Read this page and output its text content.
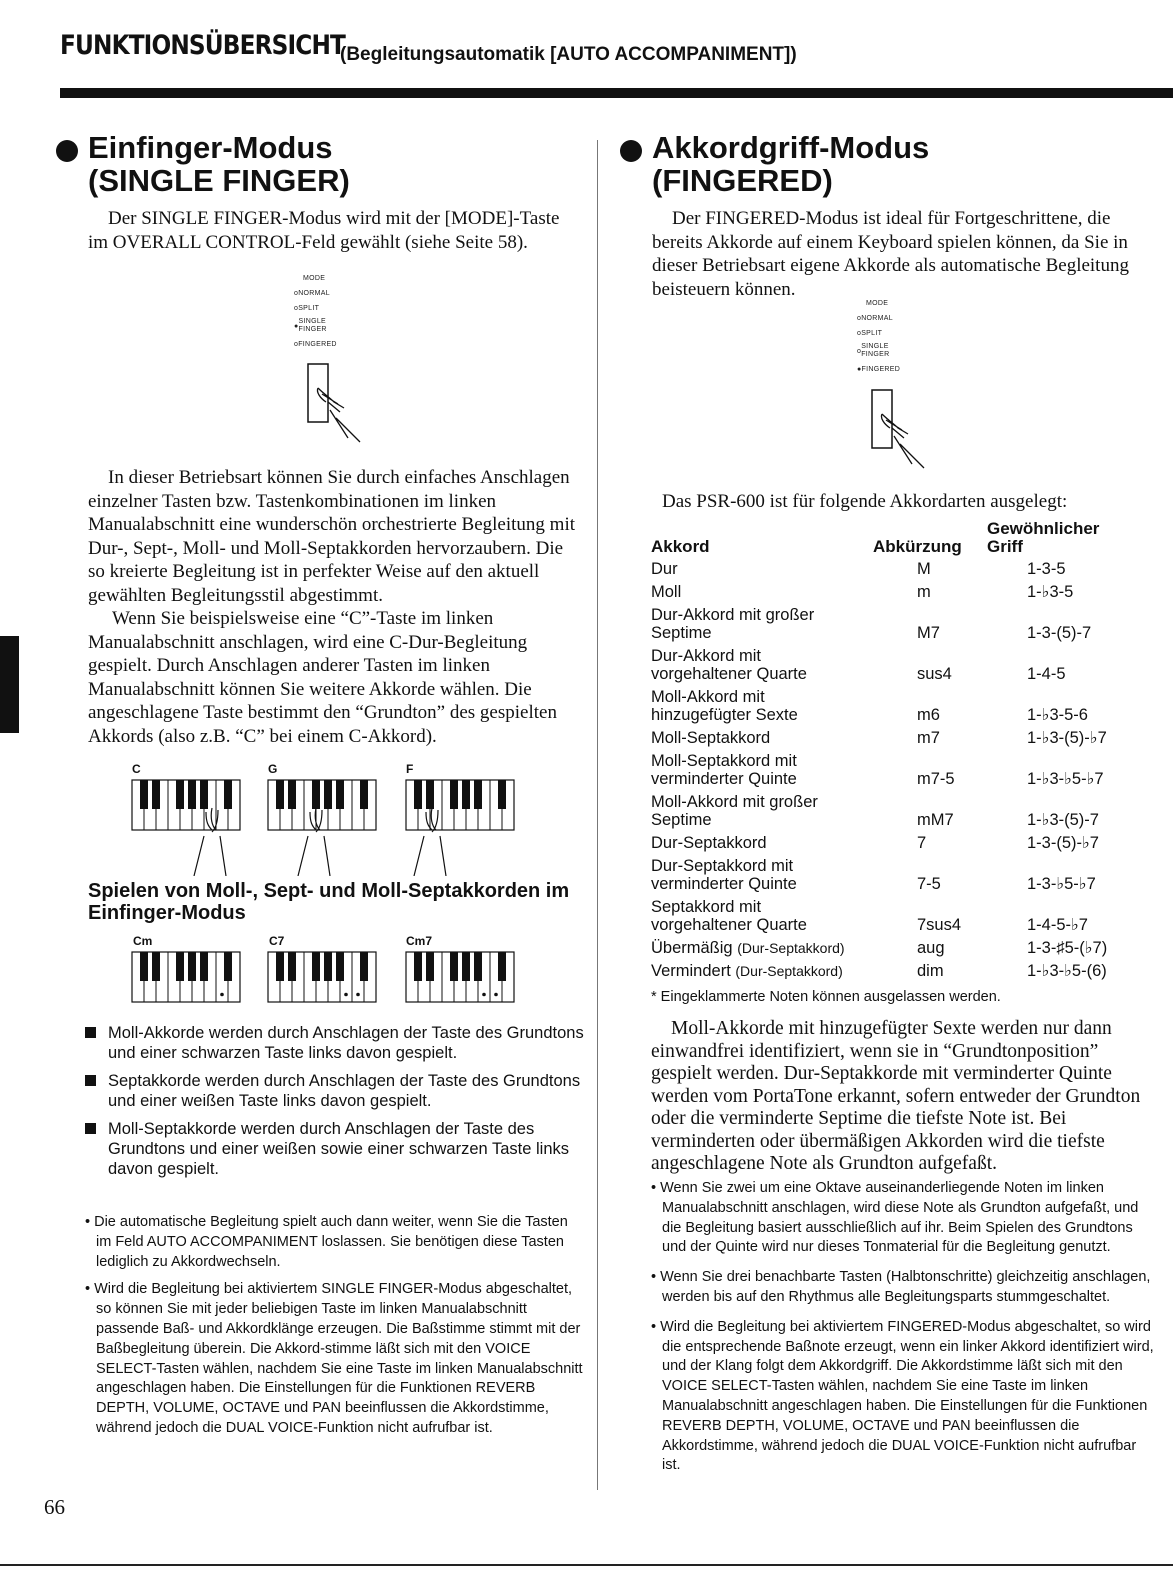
FUNKTIONSÜBERSICHT
(Begleitungsautomatik [AUTO ACCOMPANIMENT])
Einfinger-Modus
(SINGLE FINGER)
Der SINGLE FINGER-Modus wird mit der [MODE]-Taste im OVERALL CONTROL-Feld gewählt (siehe Seite 58).
MODE
oNORMAL
oSPLIT
●SINGLE FINGER
oFINGERED
In dieser Betriebsart können Sie durch einfaches Anschlagen einzelner Tasten bzw. Tastenkombinationen im linken Manualabschnitt eine wunderschön orchestrierte Begleitung mit Dur-, Sept-, Moll- und Moll-Septakkorden hervorzaubern. Die so kreierte Begleitung ist in perfekter Weise auf den aktuell gewählten Begleitungsstil abgestimmt.
Wenn Sie beispielsweise eine “C”-Taste im linken Manualabschnitt anschlagen, wird eine C-Dur-Begleitung gespielt. Durch Anschlagen anderer Tasten im linken Manualabschnitt können Sie weitere Akkorde wählen. Die angeschlagene Taste bestimmt den “Grundton” des gespielten Akkords (also z.B. “C” bei einem C-Akkord).
C	G	F
Spielen von Moll-, Sept- und Moll-Septakkorden im Einfinger-Modus
Cm	C7	Cm7
Moll-Akkorde werden durch Anschlagen der Taste des Grundtons und einer schwarzen Taste links davon gespielt.
Septakkorde werden durch Anschlagen der Taste des Grundtons und einer weißen Taste links davon gespielt.
Moll-Septakkorde werden durch Anschlagen der Taste des Grundtons und einer weißen sowie einer schwarzen Taste links davon gespielt.

• Die automatische Begleitung spielt auch dann weiter, wenn Sie die Tasten im Feld AUTO ACCOMPANIMENT loslassen. Sie benötigen diese Tasten lediglich zu Akkordwechseln.

• Wird die Begleitung bei aktiviertem SINGLE FINGER-Modus abgeschaltet, so können Sie mit jeder beliebigen Taste im linken Manualabschnitt passende Baß- und Akkordklänge erzeugen. Die Baßstimme stimmt mit der Baßbegleitung überein. Die Akkord-stimme läßt sich mit den VOICE SELECT-Tasten wählen, nachdem Sie eine Taste im linken Manualabschnitt angeschlagen haben. Die Einstellungen für die Funktionen REVERB DEPTH, VOLUME, OCTAVE und PAN beeinflussen die Akkordstimme, während jedoch die DUAL VOICE-Funktion nicht aufrufbar ist.

66
Akkordgriff-Modus
(FINGERED)
Der FINGERED-Modus ist ideal für Fortgeschrittene, die bereits Akkorde auf einem Keyboard spielen können, da Sie in dieser Betriebsart eigene Akkorde als automatische Begleitung beisteuern können.
MODE
oNORMAL
oSPLIT
oSINGLE FINGER
●FINGERED
Das PSR-600 ist für folgende Akkordarten ausgelegt:
Akkord	Abkürzung	Gewöhnlicher Griff
Dur	M	1-3-5
Moll	m	1-♭3-5
Dur-Akkord mit großer Septime	M7	1-3-(5)-7
Dur-Akkord mit vorgehaltener Quarte	sus4	1-4-5
Moll-Akkord mit hinzugefügter Sexte	m6	1-♭3-5-6
Moll-Septakkord	m7	1-♭3-(5)-♭7
Moll-Septakkord mit verminderter Quinte	m7-5	1-♭3-♭5-♭7
Moll-Akkord mit großer Septime	mM7	1-♭3-(5)-7
Dur-Septakkord	7	1-3-(5)-♭7
Dur-Septakkord mit verminderter Quinte	7-5	1-3-♭5-♭7
Septakkord mit vorgehaltener Quarte	7sus4	1-4-5-♭7
Übermäßig (Dur-Septakkord)	aug	1-3-♯5-(♭7)
Vermindert (Dur-Septakkord)	dim	1-♭3-♭5-(6)
* Eingeklammerte Noten können ausgelassen werden.
Moll-Akkorde mit hinzugefügter Sexte werden nur dann einwandfrei identifiziert, wenn sie in “Grundtonposition” gespielt werden. Dur-Septakkorde mit verminderter Quinte werden vom PortaTone erkannt, sofern entweder der Grundton oder die verminderte Septime die tiefste Note ist. Bei verminderten oder übermäßigen Akkorden wird die tiefste angeschlagene Note als Grundton aufgefaßt.

• Wenn Sie zwei um eine Oktave auseinanderliegende Noten im linken Manualabschnitt anschlagen, wird diese Note als Grundton aufgefaßt, und die Begleitung basiert ausschließlich auf ihr. Beim Spielen des Grundtons und der Quinte wird nur dieses Tonmaterial für die Begleitung genutzt.

• Wenn Sie drei benachbarte Tasten (Halbtonschritte) gleichzeitig anschlagen, werden bis auf den Rhythmus alle Begleitungsparts stummgeschaltet.

• Wird die Begleitung bei aktiviertem FINGERED-Modus abgeschaltet, so wird die entsprechende Baßnote erzeugt, wenn ein linker Akkord identifiziert wird, und der Klang folgt dem Akkordgriff. Die Akkordstimme läßt sich mit den VOICE SELECT-Tasten wählen, nachdem Sie eine Taste im linken Manualabschnitt angeschlagen haben. Die Einstellungen für die Funktionen REVERB DEPTH, VOLUME, OCTAVE und PAN beeinflussen die Akkordstimme, während jedoch die DUAL VOICE-Funktion nicht aufrufbar ist.
